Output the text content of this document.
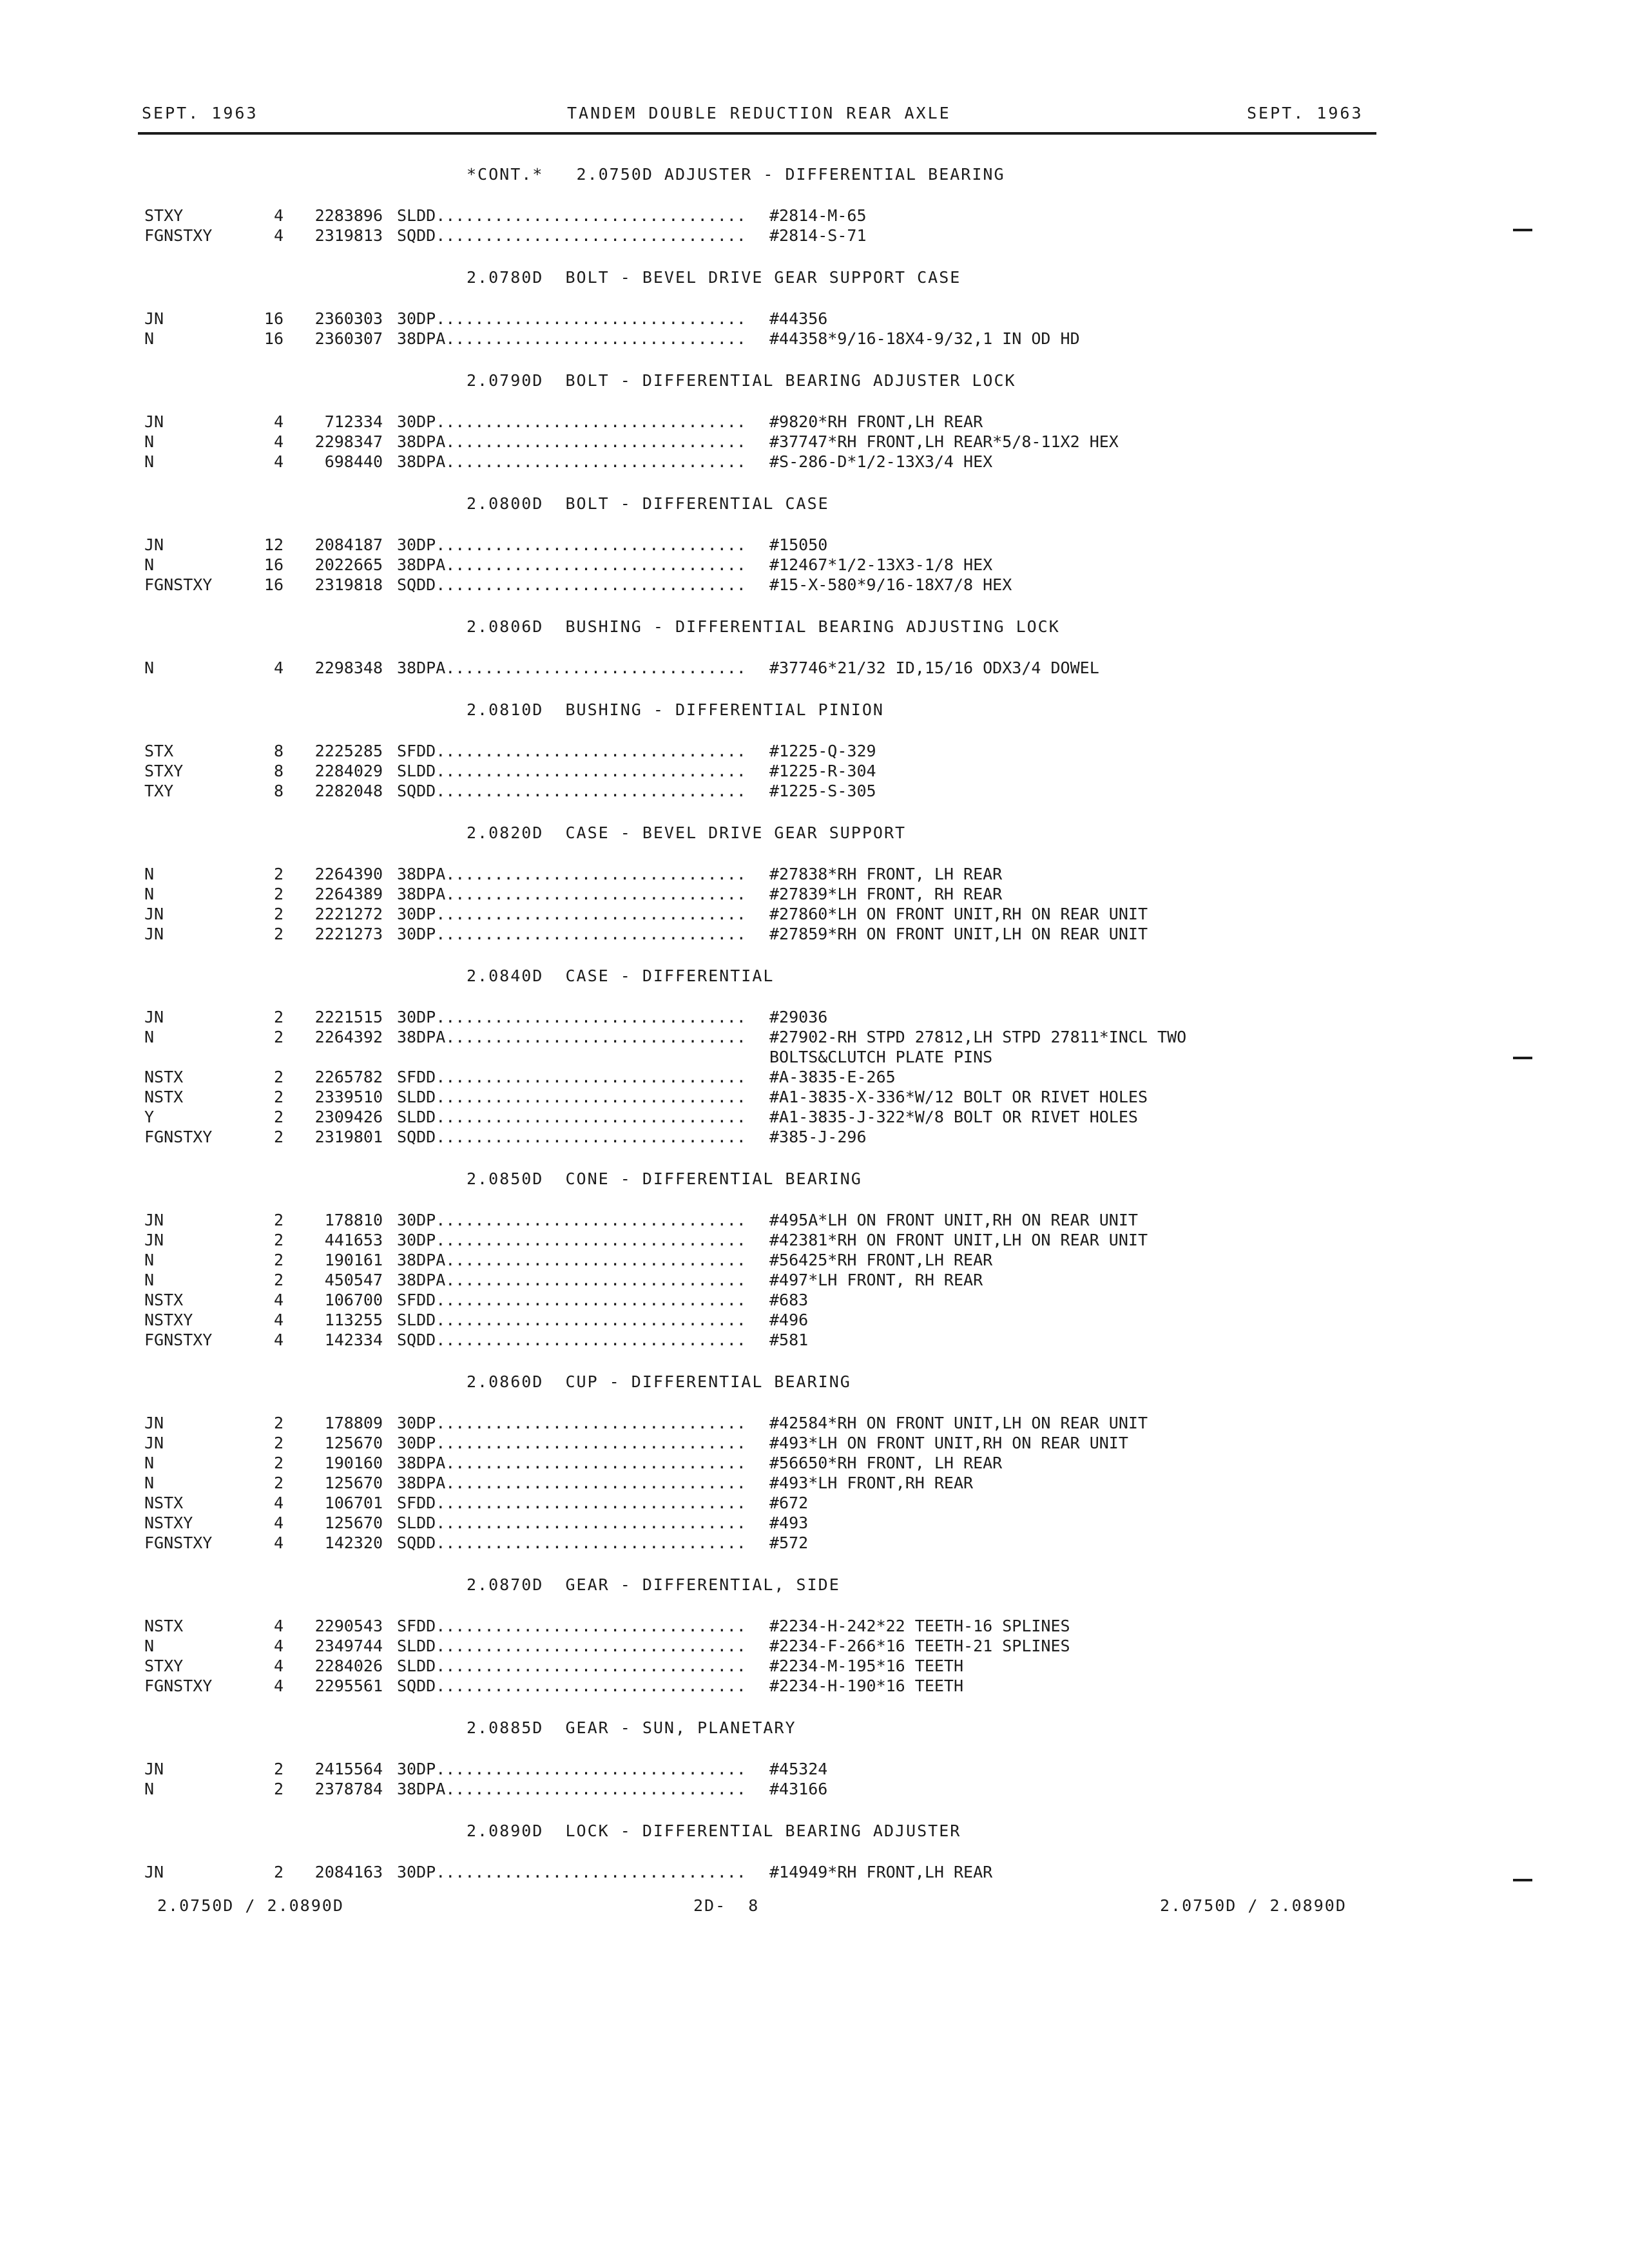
SEPT. 1963	TANDEM DOUBLE REDUCTION REAR AXLE	SEPT. 1963
*CONT.*   2.0750D ADJUSTER - DIFFERENTIAL BEARING
STXY	4	2283896 SLDD................................ #2814-M-65
FGNSTXY	4	2319813 SQDD................................ #2814-S-71
2.0780D  BOLT - BEVEL DRIVE GEAR SUPPORT CASE
JN	16	2360303 30DP................................ #44356
N	16	2360307 38DPA............................... #44358*9/16-18X4-9/32,1 IN OD HD
2.0790D  BOLT - DIFFERENTIAL BEARING ADJUSTER LOCK
JN	4	712334 30DP................................ #9820*RH FRONT,LH REAR
N	4	2298347 38DPA............................... #37747*RH FRONT,LH REAR*5/8-11X2 HEX
N	4	698440 38DPA............................... #S-286-D*1/2-13X3/4 HEX
2.0800D  BOLT - DIFFERENTIAL CASE
JN	12	2084187 30DP................................ #15050
N	16	2022665 38DPA............................... #12467*1/2-13X3-1/8 HEX
FGNSTXY	16	2319818 SQDD................................ #15-X-580*9/16-18X7/8 HEX
2.0806D  BUSHING - DIFFERENTIAL BEARING ADJUSTING LOCK
N	4	2298348 38DPA............................... #37746*21/32 ID,15/16 ODX3/4 DOWEL
2.0810D  BUSHING - DIFFERENTIAL PINION
STX	8	2225285 SFDD................................ #1225-Q-329
STXY	8	2284029 SLDD................................ #1225-R-304
TXY	8	2282048 SQDD................................ #1225-S-305
2.0820D  CASE - BEVEL DRIVE GEAR SUPPORT
N	2	2264390 38DPA............................... #27838*RH FRONT, LH REAR
N	2	2264389 38DPA............................... #27839*LH FRONT, RH REAR
JN	2	2221272 30DP................................ #27860*LH ON FRONT UNIT,RH ON REAR UNIT
JN	2	2221273 30DP................................ #27859*RH ON FRONT UNIT,LH ON REAR UNIT
2.0840D  CASE - DIFFERENTIAL
JN	2	2221515 30DP................................ #29036
N	2	2264392 38DPA............................... #27902-RH STPD 27812,LH STPD 27811*INCL TWO
BOLTS&CLUTCH PLATE PINS
NSTX	2	2265782 SFDD................................ #A-3835-E-265
NSTX	2	2339510 SLDD................................ #A1-3835-X-336*W/12 BOLT OR RIVET HOLES
Y	2	2309426 SLDD................................ #A1-3835-J-322*W/8 BOLT OR RIVET HOLES
FGNSTXY	2	2319801 SQDD................................ #385-J-296
2.0850D  CONE - DIFFERENTIAL BEARING
JN	2	178810 30DP................................ #495A*LH ON FRONT UNIT,RH ON REAR UNIT
JN	2	441653 30DP................................ #42381*RH ON FRONT UNIT,LH ON REAR UNIT
N	2	190161 38DPA............................... #56425*RH FRONT,LH REAR
N	2	450547 38DPA............................... #497*LH FRONT, RH REAR
NSTX	4	106700 SFDD................................ #683
NSTXY	4	113255 SLDD................................ #496
FGNSTXY	4	142334 SQDD................................ #581
2.0860D  CUP - DIFFERENTIAL BEARING
JN	2	178809 30DP................................ #42584*RH ON FRONT UNIT,LH ON REAR UNIT
JN	2	125670 30DP................................ #493*LH ON FRONT UNIT,RH ON REAR UNIT
N	2	190160 38DPA............................... #56650*RH FRONT, LH REAR
N	2	125670 38DPA............................... #493*LH FRONT,RH REAR
NSTX	4	106701 SFDD................................ #672
NSTXY	4	125670 SLDD................................ #493
FGNSTXY	4	142320 SQDD................................ #572
2.0870D  GEAR - DIFFERENTIAL, SIDE
NSTX	4	2290543 SFDD................................ #2234-H-242*22 TEETH-16 SPLINES
N	4	2349744 SLDD................................ #2234-F-266*16 TEETH-21 SPLINES
STXY	4	2284026 SLDD................................ #2234-M-195*16 TEETH
FGNSTXY	4	2295561 SQDD................................ #2234-H-190*16 TEETH
2.0885D  GEAR - SUN, PLANETARY
JN	2	2415564 30DP................................ #45324
N	2	2378784 38DPA............................... #43166
2.0890D  LOCK - DIFFERENTIAL BEARING ADJUSTER
JN	2	2084163 30DP................................ #14949*RH FRONT,LH REAR
2.0750D / 2.0890D	2D-  8	2.0750D / 2.0890D
